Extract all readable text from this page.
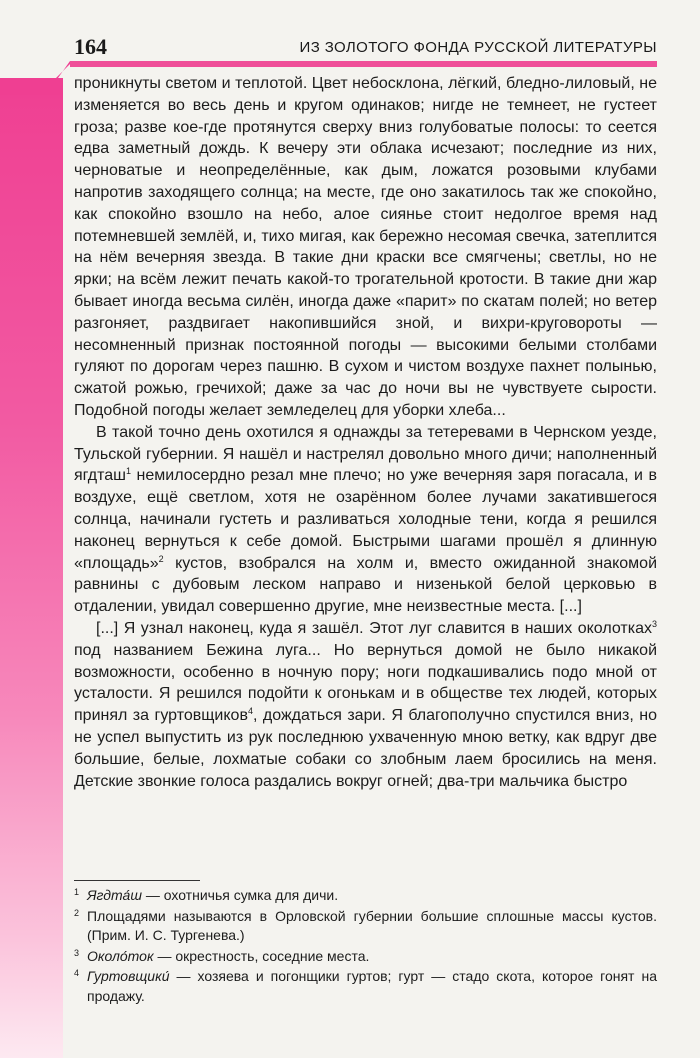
164	ИЗ ЗОЛОТОГО ФОНДА РУССКОЙ ЛИТЕРАТУРЫ

проникнуты светом и теплотой. Цвет небосклона, лёгкий, бледно-лиловый, не изменяется во весь день и кругом одинаков; нигде не темнеет, не густеет гроза; разве кое-где протянутся сверху вниз голубоватые полосы: то сеется едва заметный дождь. К вечеру эти облака исчезают; последние из них, черноватые и неопределённые, как дым, ложатся розовыми клубами напротив заходящего солнца; на месте, где оно закатилось так же спокойно, как спокойно взошло на небо, алое сиянье стоит недолгое время над потемневшей землёй, и, тихо мигая, как бережно несомая свечка, затеплится на нём вечерняя звезда. В такие дни краски все смягчены; светлы, но не ярки; на всём лежит печать какой-то трогательной кротости. В такие дни жар бывает иногда весьма силён, иногда даже «парит» по скатам полей; но ветер разгоняет, раздвигает накопившийся зной, и вихри-круговороты — несомненный признак постоянной погоды — высокими белыми столбами гуляют по дорогам через пашню. В сухом и чистом воздухе пахнет полынью, сжатой рожью, гречихой; даже за час до ночи вы не чувствуете сырости. Подобной погоды желает земледелец для уборки хлеба...

В такой точно день охотился я однажды за тетеревами в Чернском уезде, Тульской губернии. Я нашёл и настрелял довольно много дичи; наполненный ягдташ$^1$ немилосердно резал мне плечо; но уже вечерняя заря погасала, и в воздухе, ещё светлом, хотя не озарённом более лучами закатившегося солнца, начинали густеть и разливаться холодные тени, когда я решился наконец вернуться к себе домой. Быстрыми шагами прошёл я длинную «площадь»$^2$ кустов, взобрался на холм и, вместо ожиданной знакомой равнины с дубовым леском направо и низенькой белой церковью в отдалении, увидал совершенно другие, мне неизвестные места. [...]

[...] Я узнал наконец, куда я зашёл. Этот луг славится в наших околотках$^3$ под названием Бежина луга... Но вернуться домой не было никакой возможности, особенно в ночную пору; ноги подкашивались подо мной от усталости. Я решился подойти к огонькам и в обществе тех людей, которых принял за гуртовщиков$^4$, дождаться зари. Я благополучно спустился вниз, но не успел выпустить из рук последнюю ухваченную мною ветку, как вдруг две большие, белые, лохматые собаки со злобным лаем бросились на меня. Детские звонкие голоса раздались вокруг огней; два-три мальчика быстро

1 Ягдта́ш — охотничья сумка для дичи.
2 Площадями называются в Орловской губернии большие сплошные массы кустов. (Прим. И. С. Тургенева.)
3 Около́ток — окрестность, соседние места.
4 Гуртовщики́ — хозяева и погонщики гуртов; гурт — стадо скота, которое гонят на продажу.
